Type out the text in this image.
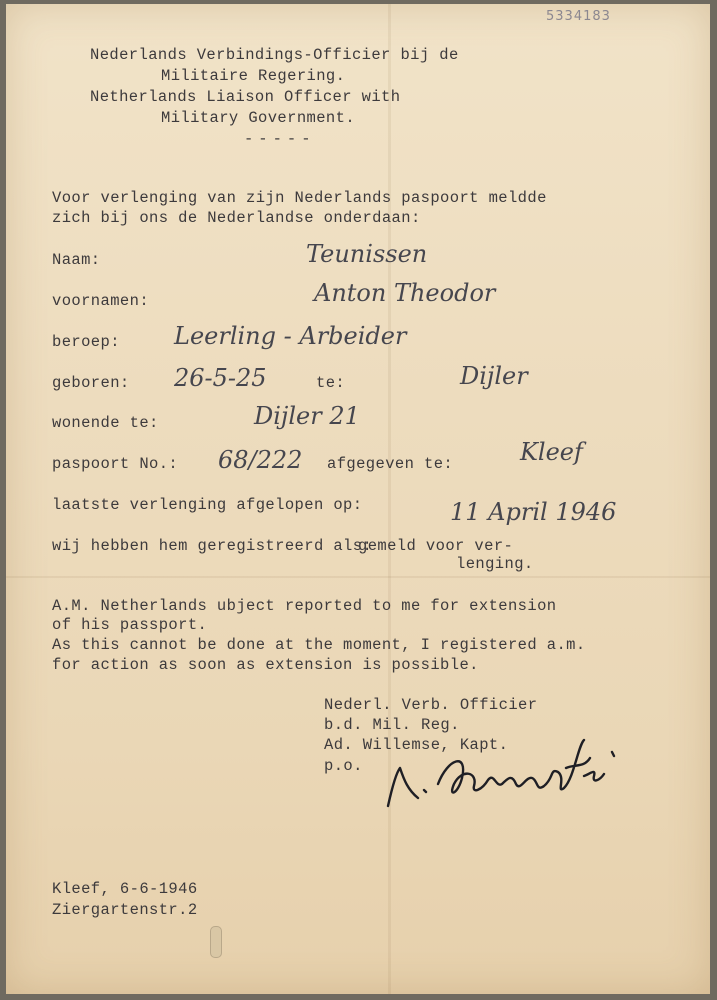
5334183
Nederlands Verbindings-Officier bij de
Militaire Regering.
Netherlands Liaison Officer with
Military Government.
-----
Voor verlenging van zijn Nederlands paspoort meldde
zich bij ons de Nederlandse onderdaan:
Naam:	Teunissen
voornamen:	Anton Theodor
beroep: Leerling - Arbeider
geboren: 26-5-25	te:	Dijler
wonende te:	Dijler 21
paspoort No.: 68/222 afgegeven te:	Kleef
laatste verlenging afgelopen op:	11 April 1946
wij hebben hem geregistreerd als:
gemeld voor ver-
lenging.
A.M. Netherlands ubject reported to me for extension
of his passport.
As this cannot be done at the moment, I registered a.m.
for action as soon as extension is possible.
Nederl. Verb. Officier
b.d. Mil. Reg.
Ad. Willemse, Kapt.
p.o.
Kleef, 6-6-1946
Ziergartenstr.2
